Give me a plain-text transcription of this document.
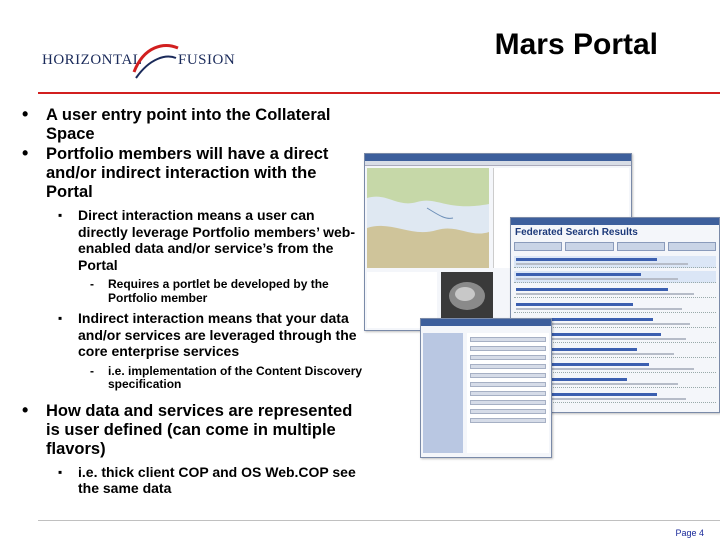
HORIZONTAL FUSION	Mars Portal
• A user entry point into the Collateral Space
• Portfolio members will have a direct and/or indirect interaction with the Portal
▪ Direct interaction means a user can directly leverage Portfolio members’ web-enabled data and/or service’s from the Portal
- Requires a portlet be developed by the Portfolio member
▪ Indirect interaction means that your data and/or services are leveraged through the core enterprise services
- i.e. implementation of the Content Discovery specification
• How data and services are represented is user defined (can come in multiple flavors)
▪ i.e. thick client COP and OS Web.COP see the same data
Federated Search Results
Page 4
